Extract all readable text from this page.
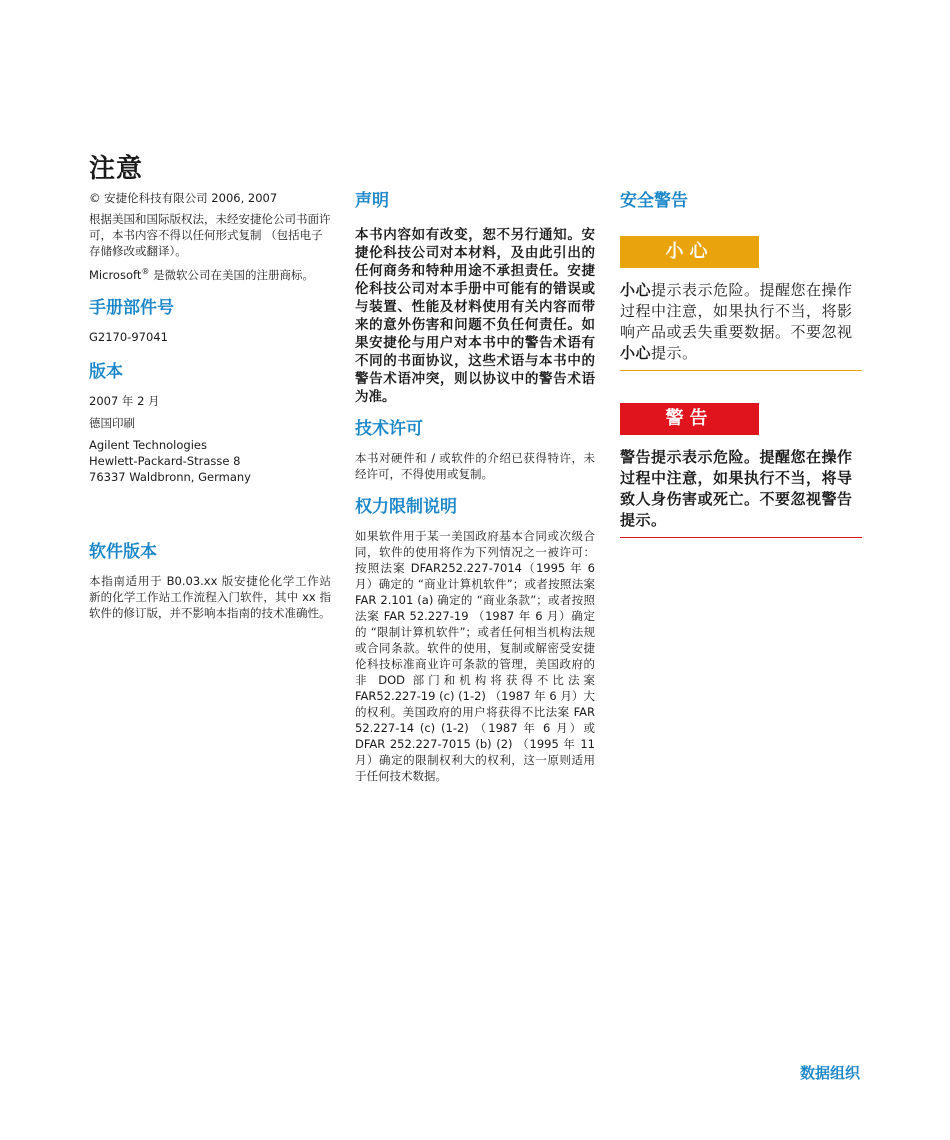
注意
© 安捷伦科技有限公司 2006, 2007
根据美国和国际版权法，未经安捷伦公司书面许可，本书内容不得以任何形式复制 （包括电子存储修改或翻译）。
Microsoft® 是微软公司在美国的注册商标。
手册部件号
G2170-97041
版本
2007 年 2 月
德国印刷
Agilent Technologies
Hewlett-Packard-Strasse 8
76337 Waldbronn, Germany
软件版本
本指南适用于 B0.03.xx 版安捷伦化学工作站 新的化学工作站工作流程入门软件，其中 xx 指软件的修订版，并不影响本指南的技术准确性。
声明
本书内容如有改变，恕不另行通知。安捷伦科技公司对本材料，及由此引出的任何商务和特种用途不承担责任。安捷伦科技公司对本手册中可能有的错误或与装置、性能及材料使用有关内容而带来的意外伤害和问题不负任何责任。如果安捷伦与用户对本书中的警告术语有不同的书面协议，这些术语与本书中的警告术语冲突，则以协议中的警告术语为准。
技术许可
本书对硬件和 / 或软件的介绍已获得特许，未经许可，不得使用或复制。
权力限制说明
如果软件用于某一美国政府基本合同或次级合同，软件的使用将作为下列情况之一被许可：按照法案 DFAR252.227-7014（1995 年 6 月）确定的 “商业计算机软件”；或者按照法案 FAR 2.101 (a) 确定的 “商业条款”；或者按照法案 FAR 52.227-19 （1987 年 6 月）确定的 “限制计算机软件”；或者任何相当机构法规或合同条款。软件的使用，复制或解密受安捷伦科技标准商业许可条款的管理，美国政府的非 DOD 部门和机构将获得不比法案 FAR52.227-19 (c) (1-2) （1987 年 6 月）大的权利。美国政府的用户将获得不比法案 FAR 52.227-14 (c) (1-2) （1987 年 6 月）或 DFAR 252.227-7015 (b) (2) （1995 年 11 月）确定的限制权利大的权利，这一原则适用于任何技术数据。
安全警告
小心
小心提示表示危险。提醒您在操作过程中注意，如果执行不当，将影响产品或丢失重要数据。不要忽视小心提示。
警告
警告提示表示危险。提醒您在操作过程中注意，如果执行不当，将导致人身伤害或死亡。不要忽视警告提示。
数据组织
